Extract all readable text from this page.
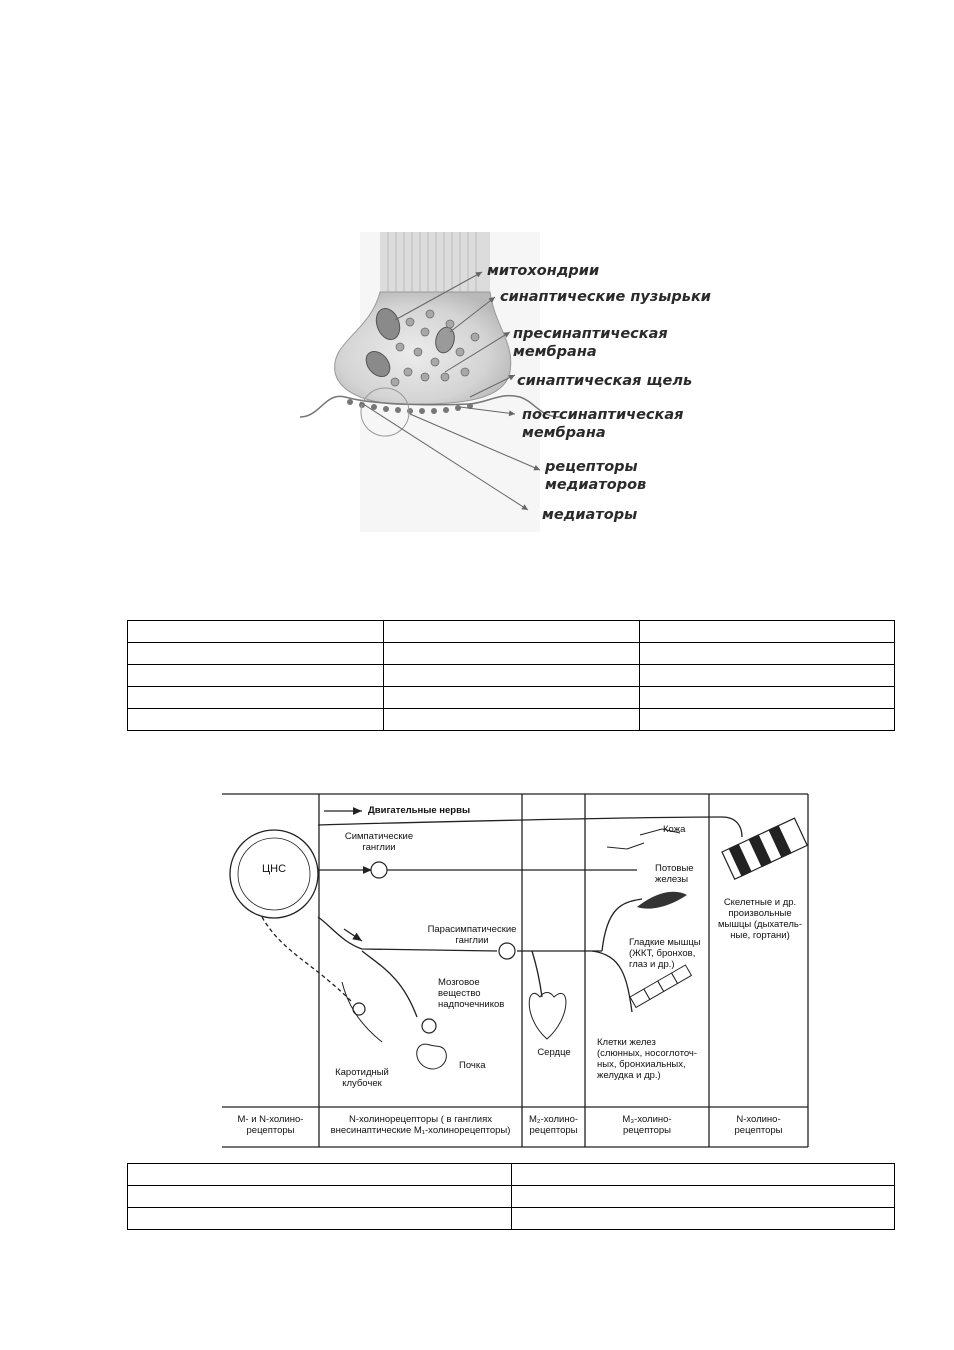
митохондрии
синаптические пузырьки
пресинаптическая мембрана
синаптическая щель
постсинаптическая мембрана
рецепторы медиаторов
медиаторы

ЦНС
Двигательные нервы
Симпатические
ганглии
Парасимпатические
ганглии
Кожа
Потовые
железы
Скелетные и др.
произвольные
мышцы (дыхатель-
ные, гортани)
Гладкие мышцы
(ЖКТ, бронхов,
глаз и др.)
Мозговое
вещество
надпочечников
Почка
Каротидный
клубочек
Сердце
Клетки желез
(слюнных, носоглоточ-
ных, бронхиальных,
желудка и др.)
M- и N-холино-
рецепторы
N-холинорецепторы ( в ганглиях
внесинаптические M₁-холинорецепторы)
M₂-холино-
рецепторы
M₃-холино-
рецепторы
N-холино-
рецепторы
